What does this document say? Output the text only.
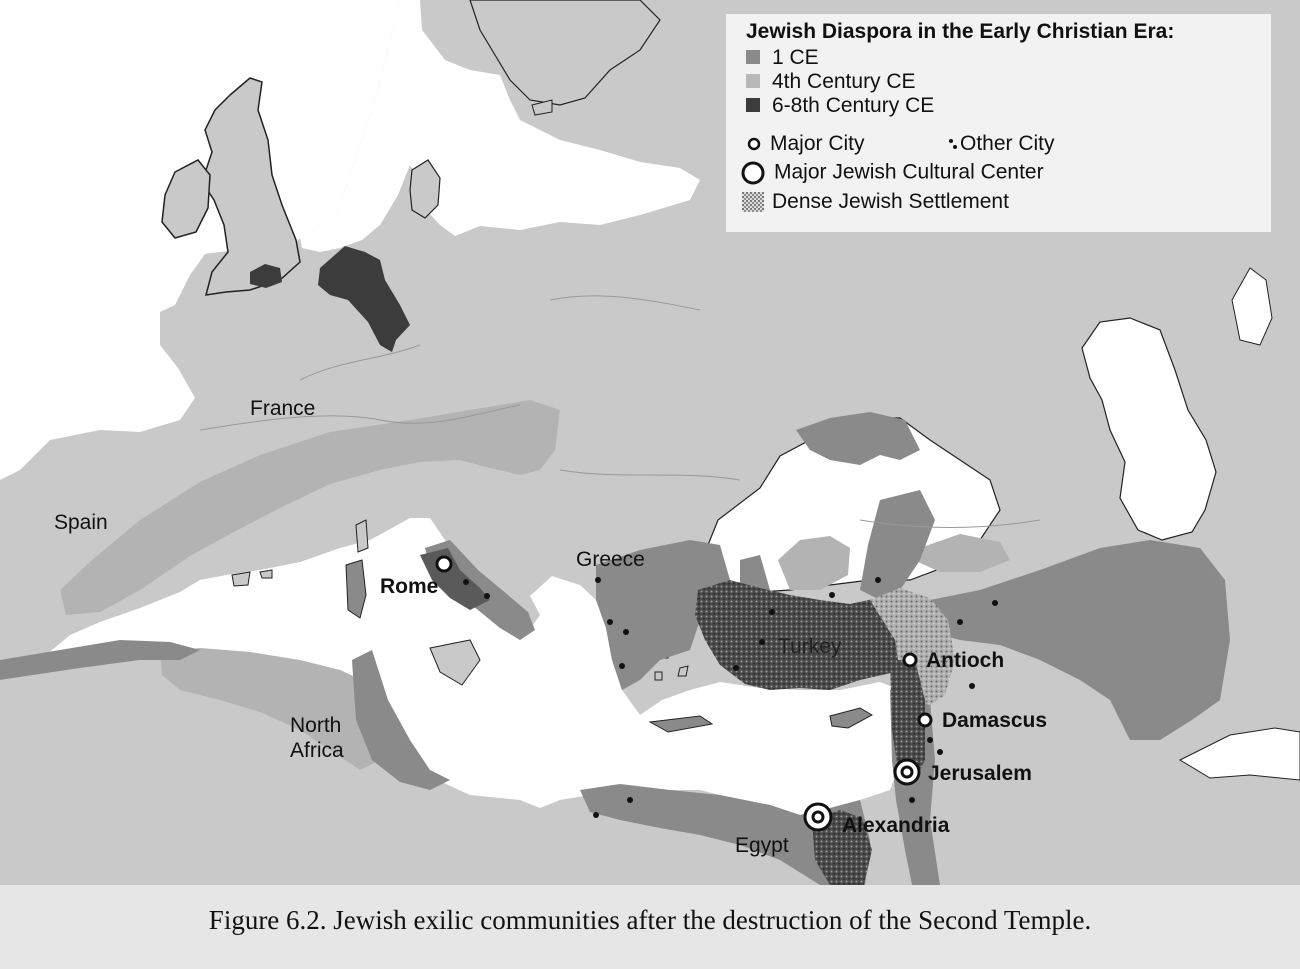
France
Spain
Greece
Turkey
North
Africa
Egypt
Rome
Antioch
Damascus
Jerusalem
Alexandria
Jewish Diaspora in the Early Christian Era:
1 CE
4th Century CE
6-8th Century CE
Major City	Other City
Major Jewish Cultural Center
Dense Jewish Settlement
Figure 6.2. Jewish exilic communities after the destruction of the Second Temple.
